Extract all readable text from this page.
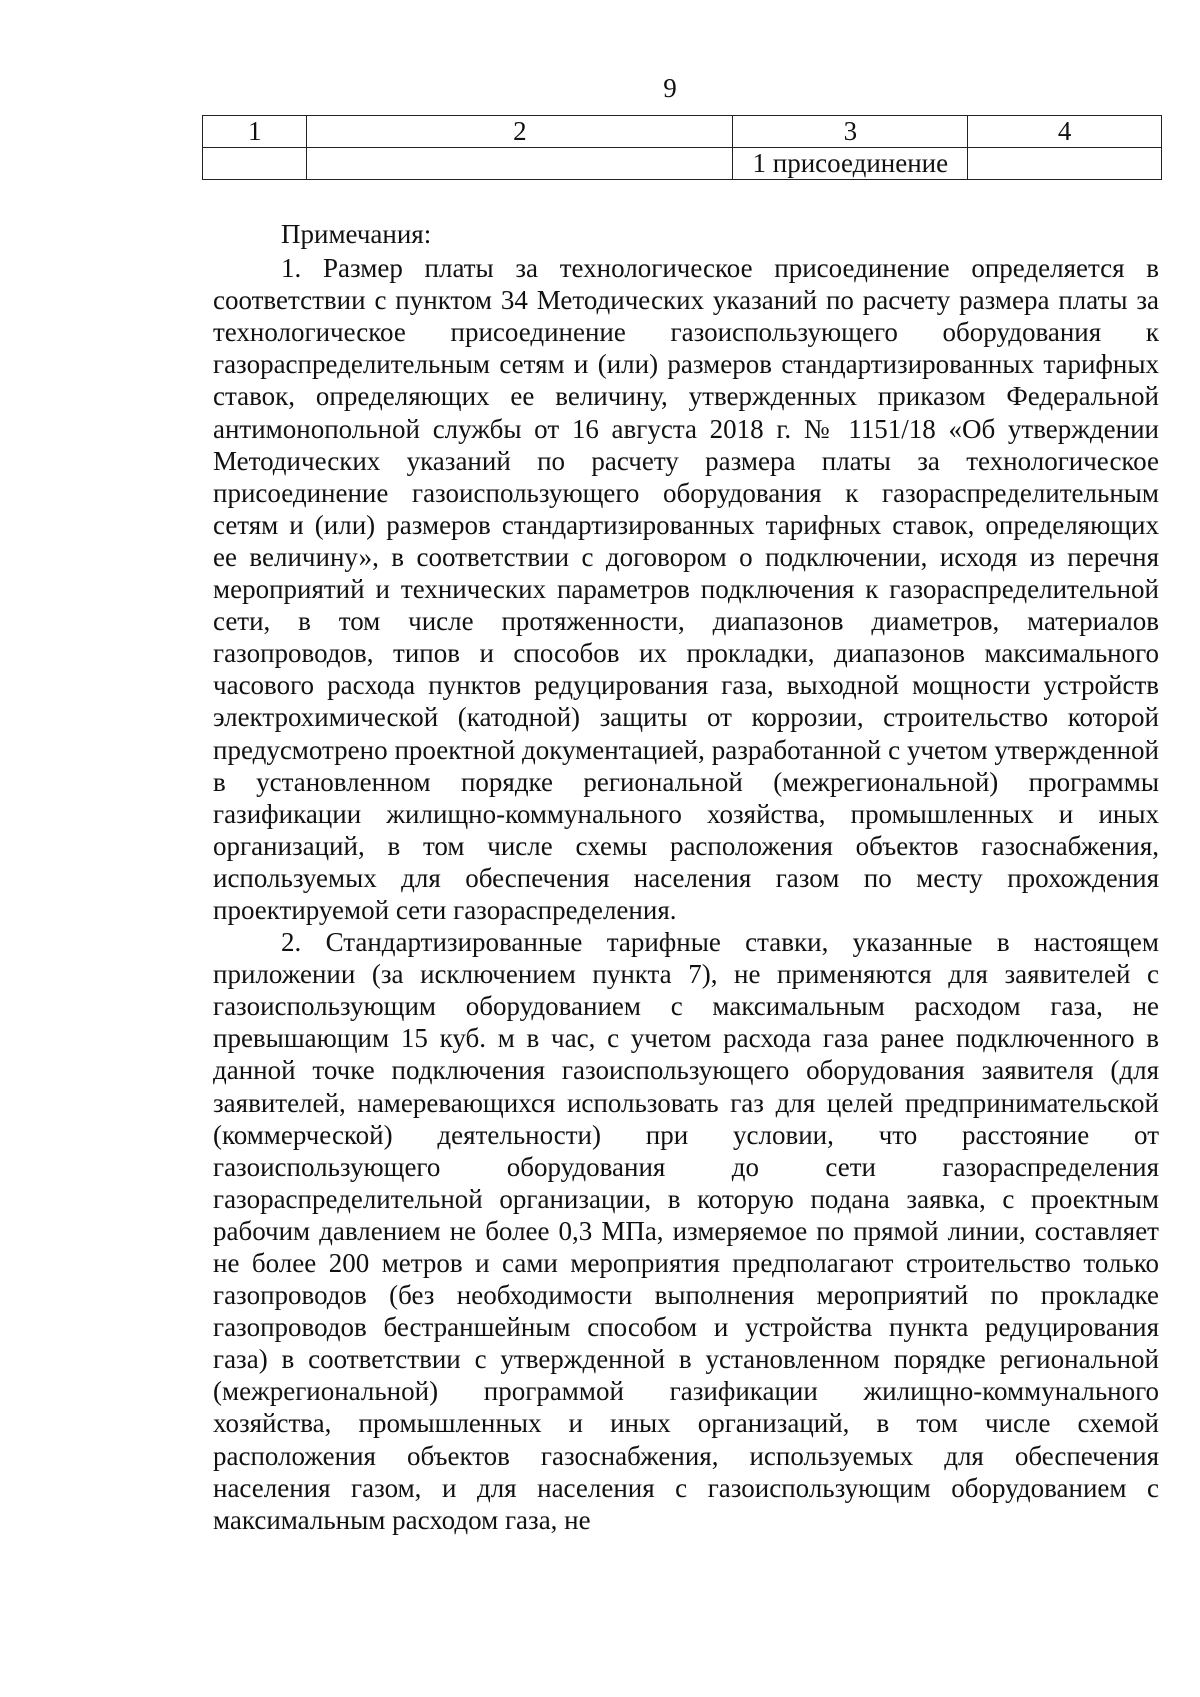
9
1	2	3	4
		1 присоединение	

Примечания:

1. Размер платы за технологическое присоединение определяется в соответствии с пунктом 34 Методических указаний по расчету размера платы за технологическое присоединение газоиспользующего оборудования к газораспределительным сетям и (или) размеров стандартизированных тарифных ставок, определяющих ее величину, утвержденных приказом Федеральной антимонопольной службы от 16 августа 2018 г. № 1151/18 «Об утверждении Методических указаний по расчету размера платы за технологическое присоединение газоиспользующего оборудования к газораспределительным сетям и (или) размеров стандартизированных тарифных ставок, определяющих ее величину», в соответствии с договором о подключении, исходя из перечня мероприятий и технических параметров подключения к газораспределительной сети, в том числе протяженности, диапазонов диаметров, материалов газопроводов, типов и способов их прокладки, диапазонов максимального часового расхода пунктов редуцирования газа, выходной мощности устройств электрохимической (катодной) защиты от коррозии, строительство которой предусмотрено проектной документацией, разработанной с учетом утвержденной в установленном порядке региональной (межрегиональной) программы газификации жилищно-коммунального хозяйства, промышленных и иных организаций, в том числе схемы расположения объектов газоснабжения, используемых для обеспечения населения газом по месту прохождения проектируемой сети газораспределения.

2. Стандартизированные тарифные ставки, указанные в настоящем приложении (за исключением пункта 7), не применяются для заявителей с газоиспользующим оборудованием с максимальным расходом газа, не превышающим 15 куб. м в час, с учетом расхода газа ранее подключенного в данной точке подключения газоиспользующего оборудования заявителя (для заявителей, намеревающихся использовать газ для целей предпринимательской (коммерческой) деятельности) при условии, что расстояние от газоиспользующего оборудования до сети газораспределения газораспределительной организации, в которую подана заявка, с проектным рабочим давлением не более 0,3 МПа, измеряемое по прямой линии, составляет не более 200 метров и сами мероприятия предполагают строительство только газопроводов (без необходимости выполнения мероприятий по прокладке газопроводов бестраншейным способом и устройства пункта редуцирования газа) в соответствии с утвержденной в установленном порядке региональной (межрегиональной) программой газификации жилищно-коммунального хозяйства, промышленных и иных организаций, в том числе схемой расположения объектов газоснабжения, используемых для обеспечения населения газом, и для населения с газоиспользующим оборудованием с максимальным расходом газа, не
